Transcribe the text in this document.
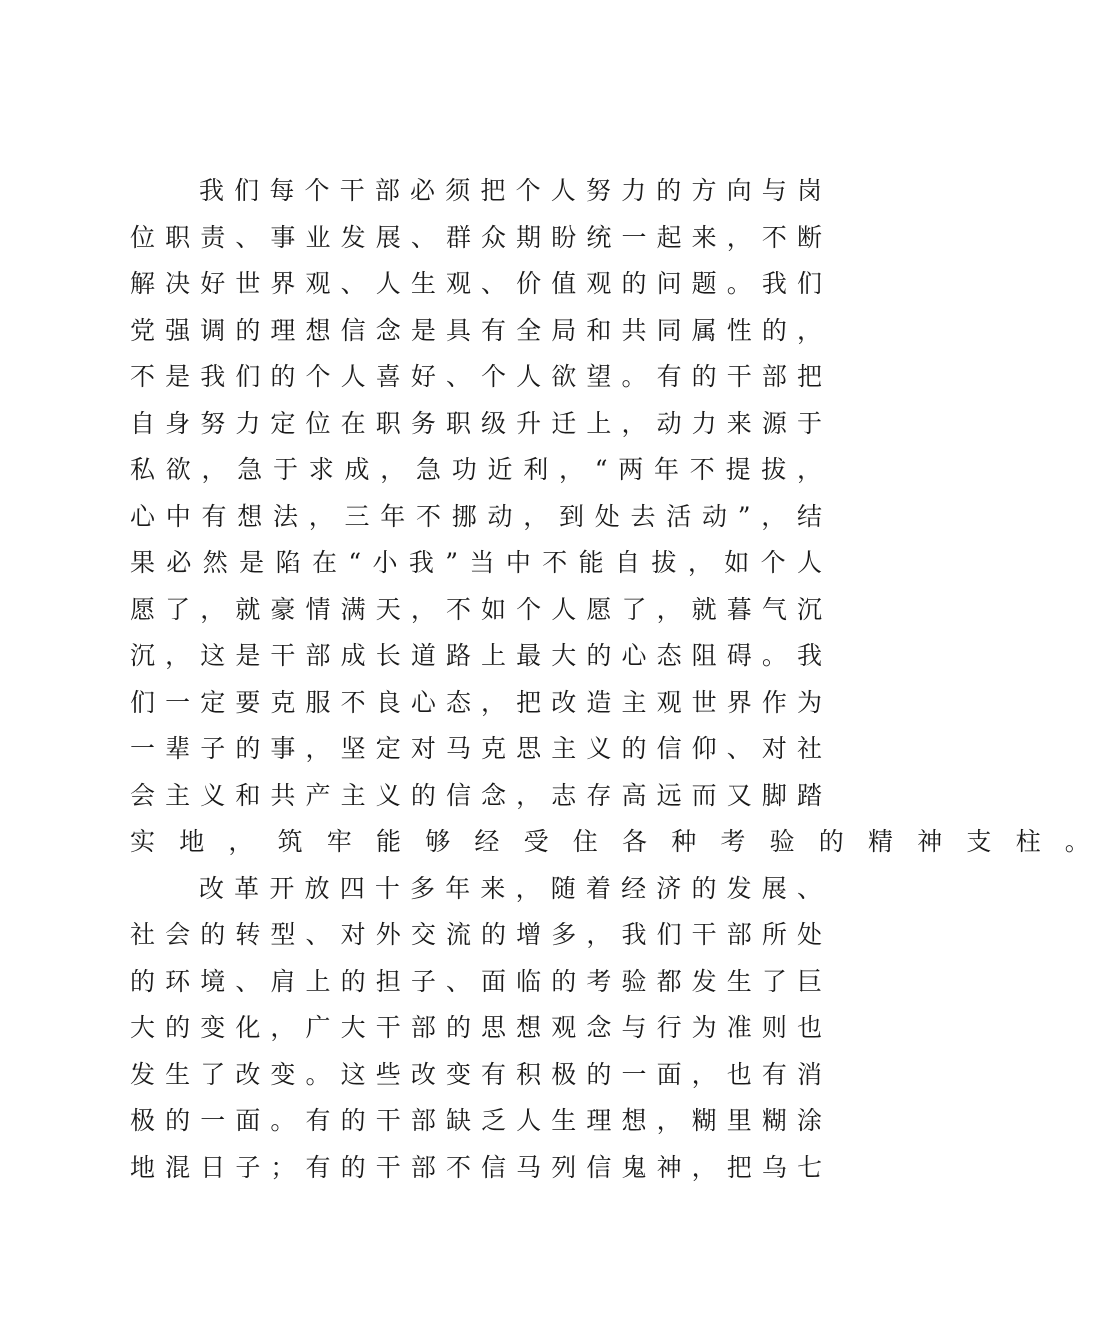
我们每个干部必须把个人努力的方向与岗
位职责、事业发展、群众期盼统一起来，不断
解决好世界观、人生观、价值观的问题。我们
党强调的理想信念是具有全局和共同属性的，
不是我们的个人喜好、个人欲望。有的干部把
自身努力定位在职务职级升迁上，动力来源于
私欲，急于求成，急功近利，“两年不提拔，
心中有想法，三年不挪动，到处去活动”，结
果必然是陷在“小我”当中不能自拔，如个人
愿了，就豪情满天，不如个人愿了，就暮气沉
沉，这是干部成长道路上最大的心态阻碍。我
们一定要克服不良心态，把改造主观世界作为
一辈子的事，坚定对马克思主义的信仰、对社
会主义和共产主义的信念，志存高远而又脚踏
实地，筑牢能够经受住各种考验的精神支柱。
改革开放四十多年来，随着经济的发展、
社会的转型、对外交流的增多，我们干部所处
的环境、肩上的担子、面临的考验都发生了巨
大的变化，广大干部的思想观念与行为准则也
发生了改变。这些改变有积极的一面，也有消
极的一面。有的干部缺乏人生理想，糊里糊涂
地混日子；有的干部不信马列信鬼神，把乌七
